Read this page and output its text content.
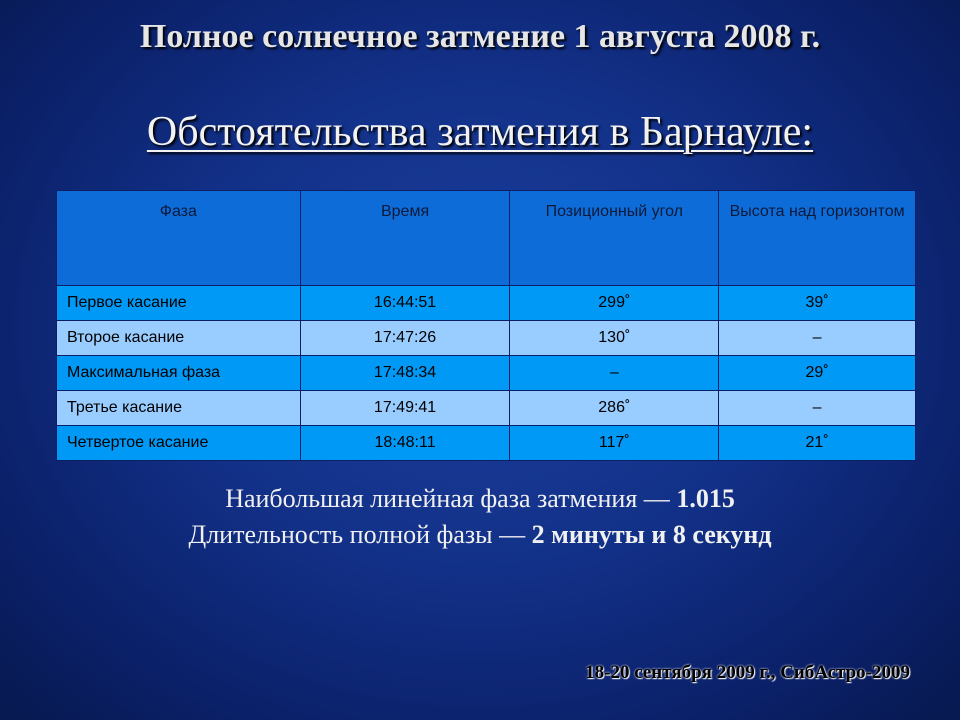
Полное солнечное затмение 1 августа 2008 г.
Обстоятельства затмения в Барнауле:
Фаза	Время	Позиционный угол	Высота над горизонтом
Первое касание	16:44:51	299˚	39˚
Второе касание	17:47:26	130˚	–
Максимальная фаза	17:48:34	–	29˚
Третье касание	17:49:41	286˚	–
Четвертое касание	18:48:11	117˚	21˚
Наибольшая линейная фаза затмения — 1.015
Длительность полной фазы — 2 минуты и 8 секунд
18-20 сентября 2009 г., СибАстро-2009
